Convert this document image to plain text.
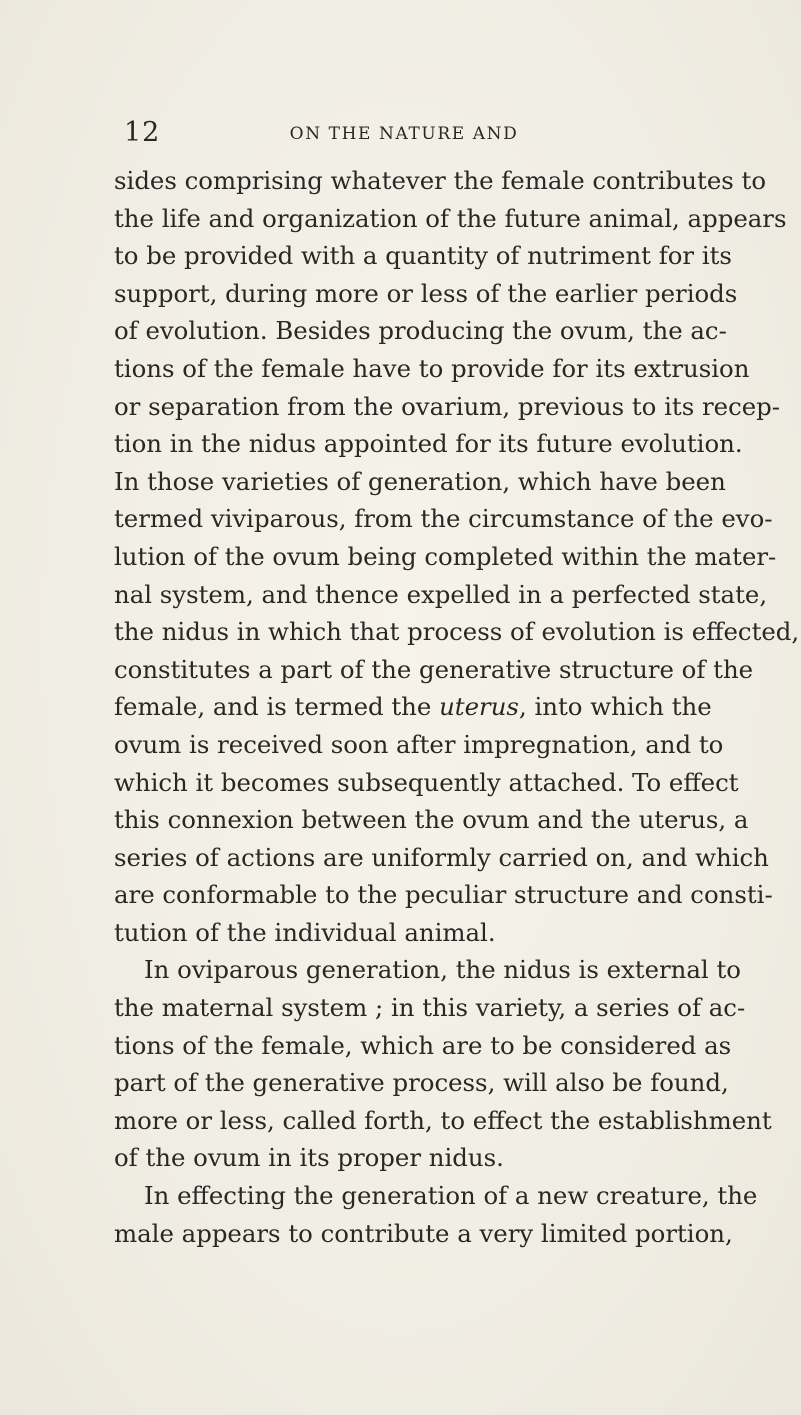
12	ON THE NATURE AND
sides comprising whatever the female contributes to
the life and organization of the future animal, appears
to be provided with a quantity of nutriment for its
support, during more or less of the earlier periods
of evolution. Besides producing the ovum, the ac-
tions of the female have to provide for its extrusion
or separation from the ovarium, previous to its recep-
tion in the nidus appointed for its future evolution.
In those varieties of generation, which have been
termed viviparous, from the circumstance of the evo-
lution of the ovum being completed within the mater-
nal system, and thence expelled in a perfected state,
the nidus in which that process of evolution is effected,
constitutes a part of the generative structure of the
female, and is termed the uterus, into which the
ovum is received soon after impregnation, and to
which it becomes subsequently attached. To effect
this connexion between the ovum and the uterus, a
series of actions are uniformly carried on, and which
are conformable to the peculiar structure and consti-
tution of the individual animal.
In oviparous generation, the nidus is external to
the maternal system ; in this variety, a series of ac-
tions of the female, which are to be considered as
part of the generative process, will also be found,
more or less, called forth, to effect the establishment
of the ovum in its proper nidus.
In effecting the generation of a new creature, the
male appears to contribute a very limited portion,
